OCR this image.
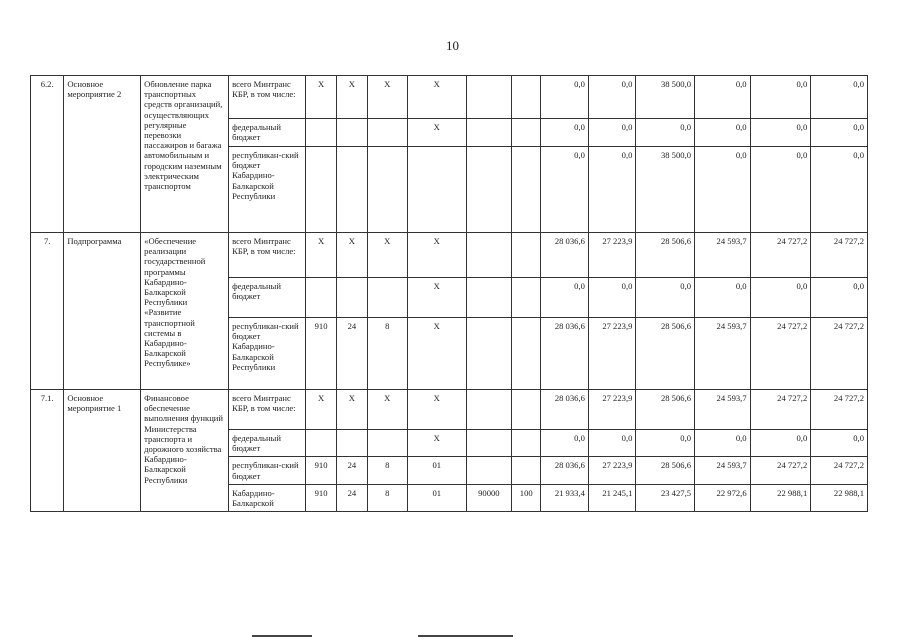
10
6.2.	Основное мероприятие 2	Обновление парка транспортных средств организаций, осуществляющих регулярные перевозки пассажиров и багажа автомобильным и городским наземным электрическим транспортом	всего Минтранс КБР, в том числе:	X	X	X	X			0,0	0,0	38 500,0	0,0	0,0	0,0
			федеральный бюджет				X			0,0	0,0	0,0	0,0	0,0	0,0
			республикан-ский бюджет Кабардино-Балкарской Республики							0,0	0,0	38 500,0	0,0	0,0	0,0
7.	Подпрограмма	«Обеспечение реализации государственной программы Кабардино-Балкарской Республики «Развитие транспортной системы в Кабардино-Балкарской Республике»	всего Минтранс КБР, в том числе:	X	X	X	X			28 036,6	27 223,9	28 506,6	24 593,7	24 727,2	24 727,2
			федеральный бюджет				X			0,0	0,0	0,0	0,0	0,0	0,0
			республикан-ский бюджет Кабардино-Балкарской Республики	910	24	8	X			28 036,6	27 223,9	28 506,6	24 593,7	24 727,2	24 727,2
7.1.	Основное мероприятие 1	Финансовое обеспечение выполнения функций Министерства транспорта и дорожного хозяйства Кабардино-Балкарской Республики	всего Минтранс КБР, в том числе:	X	X	X	X			28 036,6	27 223,9	28 506,6	24 593,7	24 727,2	24 727,2
			федеральный бюджет				X			0,0	0,0	0,0	0,0	0,0	0,0
			республикан-ский бюджет	910	24	8	01			28 036,6	27 223,9	28 506,6	24 593,7	24 727,2	24 727,2
			Кабардино-Балкарской	910	24	8	01	90000	100	21 933,4	21 245,1	23 427,5	22 972,6	22 988,1	22 988,1
